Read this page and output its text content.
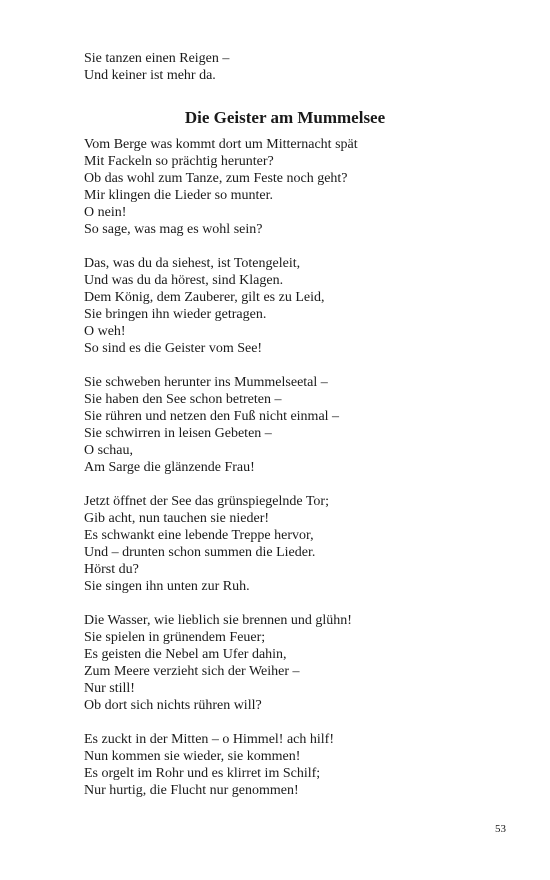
Sie tanzen einen Reigen –
Und keiner ist mehr da.
Die Geister am Mummelsee
Vom Berge was kommt dort um Mitternacht spät
Mit Fackeln so prächtig herunter?
Ob das wohl zum Tanze, zum Feste noch geht?
Mir klingen die Lieder so munter.
O nein!
So sage, was mag es wohl sein?
Das, was du da siehest, ist Totengeleit,
Und was du da hörest, sind Klagen.
Dem König, dem Zauberer, gilt es zu Leid,
Sie bringen ihn wieder getragen.
O weh!
So sind es die Geister vom See!
Sie schweben herunter ins Mummelseetal –
Sie haben den See schon betreten –
Sie rühren und netzen den Fuß nicht einmal –
Sie schwirren in leisen Gebeten –
O schau,
Am Sarge die glänzende Frau!
Jetzt öffnet der See das grünspiegelnde Tor;
Gib acht, nun tauchen sie nieder!
Es schwankt eine lebende Treppe hervor,
Und – drunten schon summen die Lieder.
Hörst du?
Sie singen ihn unten zur Ruh.
Die Wasser, wie lieblich sie brennen und glühn!
Sie spielen in grünendem Feuer;
Es geisten die Nebel am Ufer dahin,
Zum Meere verzieht sich der Weiher –
Nur still!
Ob dort sich nichts rühren will?
Es zuckt in der Mitten – o Himmel! ach hilf!
Nun kommen sie wieder, sie kommen!
Es orgelt im Rohr und es klirret im Schilf;
Nur hurtig, die Flucht nur genommen!
53
